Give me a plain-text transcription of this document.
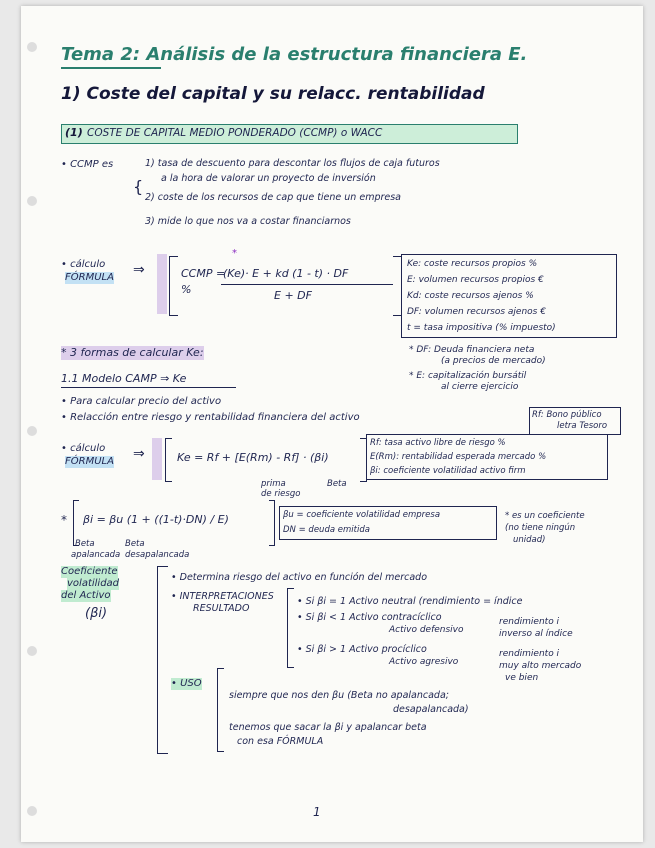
Tema 2: Análisis de la estructura financiera E.
1) Coste del capital y su relacc. rentabilidad
(1) COSTE DE CAPITAL MEDIO PONDERADO (CCMP) o WACC
• CCMP es
{
1) tasa de descuento para descontar los flujos de caja futuros
a la hora de valorar un proyecto de inversión
2) coste de los recursos de cap que tiene un empresa
3) mide lo que nos va a costar financiarnos
• cálculo
FÓRMULA ⇒	CCMP =
%
*
(Ke)· E + kd (1 - t) · DF
E + DF
Ke: coste recursos propios %
E: volumen recursos propios €
Kd: coste recursos ajenos %
DF: volumen recursos ajenos €
t = tasa impositiva (% impuesto)
* DF: Deuda financiera neta
(a precios de mercado)
* E: capitalización bursátil
al cierre ejercicio
* 3 formas de calcular Ke:
1.1 Modelo CAMP ⇒ Ke
• Para calcular precio del activo
• Relacción entre riesgo y rentabilidad financiera del activo	Rf: Bono público
letra Tesoro
• cálculo
FÓRMULA ⇒	Ke = Rf + [E(Rm) - Rf] · (βi)
prima
de riesgo
Beta
Rf: tasa activo libre de riesgo %
E(Rm): rentabilidad esperada mercado %
βi: coeficiente volatilidad activo firm
* βi = βu (1 + ((1-t)·DN) / E)
Beta
apalancada
Beta
desapalancada
βu = coeficiente volatilidad empresa
DN = deuda emitida
* es un coeficiente
(no tiene ningún
unidad)
Coeficiente
volatilidad
del Activo
(βi)
• Determina riesgo del activo en función del mercado
• INTERPRETACIONES
RESULTADO
• Si βi = 1 Activo neutral (rendimiento = índice
• Si βi < 1 Activo contracíclico
Activo defensivo
rendimiento i
inverso al índice
• Si βi > 1 Activo procíclico
Activo agresivo
rendimiento i
muy alto mercado
ve bien
• USO
siempre que nos den βu (Beta no apalancada;
desapalancada)
tenemos que sacar la βi y apalancar beta
con esa FÓRMULA
1
